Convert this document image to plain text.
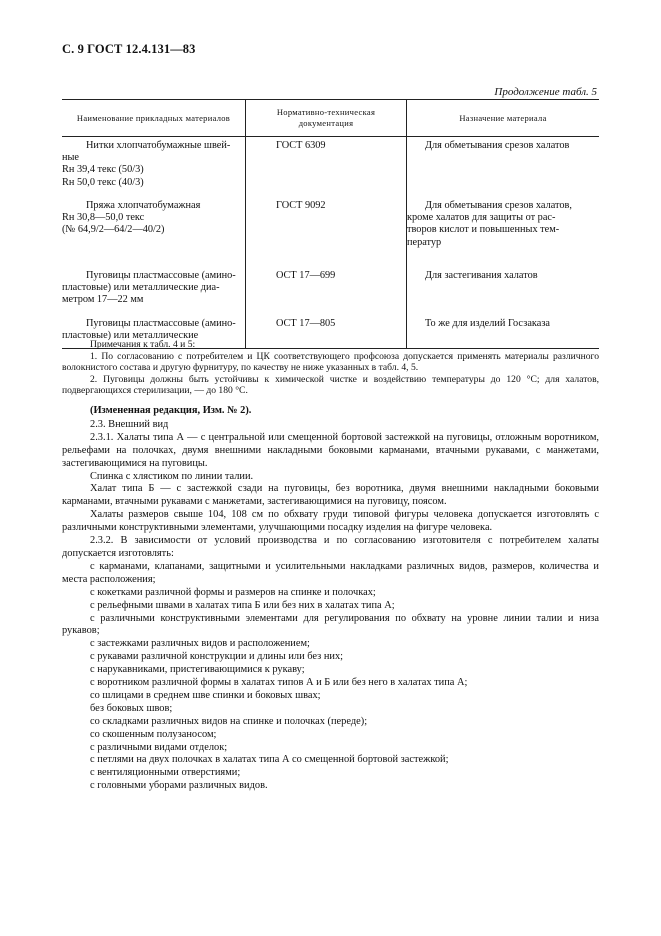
С. 9 ГОСТ 12.4.131—83
Продолжение табл. 5
Наименование прикладных материалов
Нормативно-техническая документация
Назначение материала
Нитки хлопчатобумажные швей-
ные
Rн 39,4 текс (50/3)
Rн 50,0 текс (40/3)
Пряжа хлопчатобумажная
Rн 30,8—50,0 текс
(№ 64,9/2—64/2—40/2)
Пуговицы пластмассовые (амино-
пластовые) или металлические диа-
метром 17—22 мм
Пуговицы пластмассовые (амино-
пластовые) или металлические
ГОСТ 6309
ГОСТ 9092
ОСТ 17—699
ОСТ 17—805
Для обметывания срезов халатов
Для обметывания срезов халатов,
кроме халатов для защиты от рас-
творов кислот и повышенных тем-
ператур
Для застегивания халатов
То же для изделий Госзаказа
Примечания к табл. 4 и 5:
1. По согласованию с потребителем и ЦК соответствующего профсоюза допускается применять материалы различного волокнистого состава и другую фурнитуру, по качеству не ниже указанных в табл. 4, 5.
2. Пуговицы должны быть устойчивы к химической чистке и воздействию температуры до 120 °С; для халатов, подвергающихся стерилизации, — до 180 °С.
(Измененная редакция, Изм. № 2).
2.3. Внешний вид
2.3.1. Халаты типа А — с центральной или смещенной бортовой застежкой на пуговицы, отложным воротником, рельефами на полочках, двумя внешними накладными боковыми карманами, втачными рукавами, с манжетами, застегивающимися на пуговицы.
Спинка с хлястиком по линии талии.
Халат типа Б — с застежкой сзади на пуговицы, без воротника, двумя внешними накладными боковыми карманами, втачными рукавами с манжетами, застегивающимися на пуговицу, поясом.
Халаты размеров свыше 104, 108 см по обхвату груди типовой фигуры человека допускается изготовлять с различными конструктивными элементами, улучшающими посадку изделия на фигуре человека.
2.3.2. В зависимости от условий производства и по согласованию изготовителя с потребителем халаты допускается изготовлять:
с карманами, клапанами, защитными и усилительными накладками различных видов, размеров, количества и места расположения;
с кокетками различной формы и размеров на спинке и полочках;
с рельефными швами в халатах типа Б или без них в халатах типа А;
с различными конструктивными элементами для регулирования по обхвату на уровне линии талии и низа рукавов;
с застежками различных видов и расположением;
с рукавами различной конструкции и длины или без них;
с нарукавниками, пристегивающимися к рукаву;
с воротником различной формы в халатах типов А и Б или без него в халатах типа А;
со шлицами в среднем шве спинки и боковых швах;
без боковых швов;
со складками различных видов на спинке и полочках (переде);
со скошенным полузаносом;
с различными видами отделок;
с петлями на двух полочках в халатах типа А со смещенной бортовой застежкой;
с вентиляционными отверстиями;
с головными уборами различных видов.
